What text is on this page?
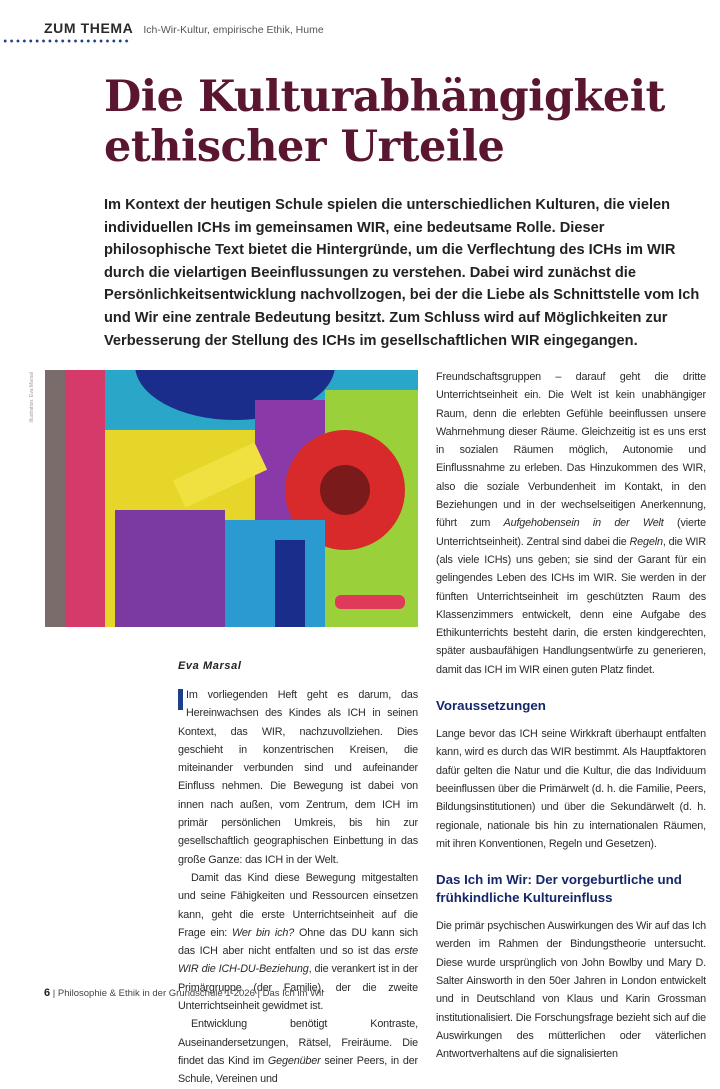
ZUM THEMA Ich-Wir-Kultur, empirische Ethik, Hume
Die Kulturabhängigkeit
ethischer Urteile
Im Kontext der heutigen Schule spielen die unterschiedlichen Kulturen, die vielen individuellen ICHs im gemeinsamen WIR, eine bedeutsame Rolle. Dieser philosophische Text bietet die Hintergründe, um die Verflechtung des ICHs im WIR durch die vielartigen Beeinflussungen zu verstehen. Dabei wird zunächst die Persönlichkeitsentwicklung nachvollzogen, bei der die Liebe als Schnittstelle vom Ich und Wir eine zentrale Bedeutung besitzt. Zum Schluss wird auf Möglichkeiten zur Verbesserung der Stellung des ICHs im gesellschaftlichen WIR eingegangen.
Illustration: Eva Marsal
Eva Marsal

Im vorliegenden Heft geht es darum, das Hereinwachsen des Kindes als ICH in seinen Kontext, das WIR, nachzuvollziehen. Dies geschieht in konzentrischen Kreisen, die miteinander verbunden sind und aufeinander Einfluss nehmen. Die Bewegung ist dabei von innen nach außen, vom Zentrum, dem ICH im primär persönlichen Umkreis, bis hin zur gesellschaftlich geographischen Einbettung in das große Ganze: das ICH in der Welt.

Damit das Kind diese Bewegung mitgestalten und seine Fähigkeiten und Ressourcen einsetzen kann, geht die erste Unterrichtseinheit auf die Frage ein: Wer bin ich? Ohne das DU kann sich das ICH aber nicht entfalten und so ist das erste WIR die ICH-DU-Beziehung, die verankert ist in der Primärgruppe (der Familie), der die zweite Unterrichtseinheit gewidmet ist.

Entwicklung benötigt Kontraste, Auseinandersetzungen, Rätsel, Freiräume. Die findet das Kind im Gegenüber seiner Peers, in der Schule, Vereinen und

Freundschaftsgruppen – darauf geht die dritte Unterrichtseinheit ein. Die Welt ist kein unabhängiger Raum, denn die erlebten Gefühle beeinflussen unsere Wahrnehmung dieser Räume. Gleichzeitig ist es uns erst in sozialen Räumen möglich, Autonomie und Einflussnahme zu erleben. Das Hinzukommen des WIR, also die soziale Verbundenheit im Kontakt, in den Beziehungen und in der wechselseitigen Anerkennung, führt zum Aufgehobensein in der Welt (vierte Unterrichtseinheit). Zentral sind dabei die Regeln, die WIR (als viele ICHs) uns geben; sie sind der Garant für ein gelingendes Leben des ICHs im WIR. Sie werden in der fünften Unterrichtseinheit im geschützten Raum des Klassenzimmers entwickelt, denn eine Aufgabe des Ethikunterrichts besteht darin, die ersten kindgerechten, später ausbaufähigen Handlungsentwürfe zu generieren, damit das ICH im WIR einen guten Platz findet.

Voraussetzungen

Lange bevor das ICH seine Wirkkraft überhaupt entfalten kann, wird es durch das WIR bestimmt. Als Hauptfaktoren dafür gelten die Natur und die Kultur, die das Individuum beeinflussen über die Primärwelt (d. h. die Familie, Peers, Bildungsinstitutionen) und über die Sekundärwelt (d. h. regionale, nationale bis hin zu internationalen Räumen, mit ihren Konventionen, Regeln und Gesetzen).

Das Ich im Wir: Der vorgeburtliche und frühkindliche Kultureinfluss

Die primär psychischen Auswirkungen des Wir auf das Ich werden im Rahmen der Bindungstheorie untersucht. Diese wurde ursprünglich von John Bowlby und Mary D. Salter Ainsworth in den 50er Jahren in London entwickelt und in Deutschland von Klaus und Karin Grossman institutionalisiert. Die Forschungsfrage bezieht sich auf die Auswirkungen des mütterlichen oder väterlichen Antwortverhaltens auf die signalisierten

6 | Philosophie & Ethik in der Grundschule 1-2026 | Das Ich im Wir
